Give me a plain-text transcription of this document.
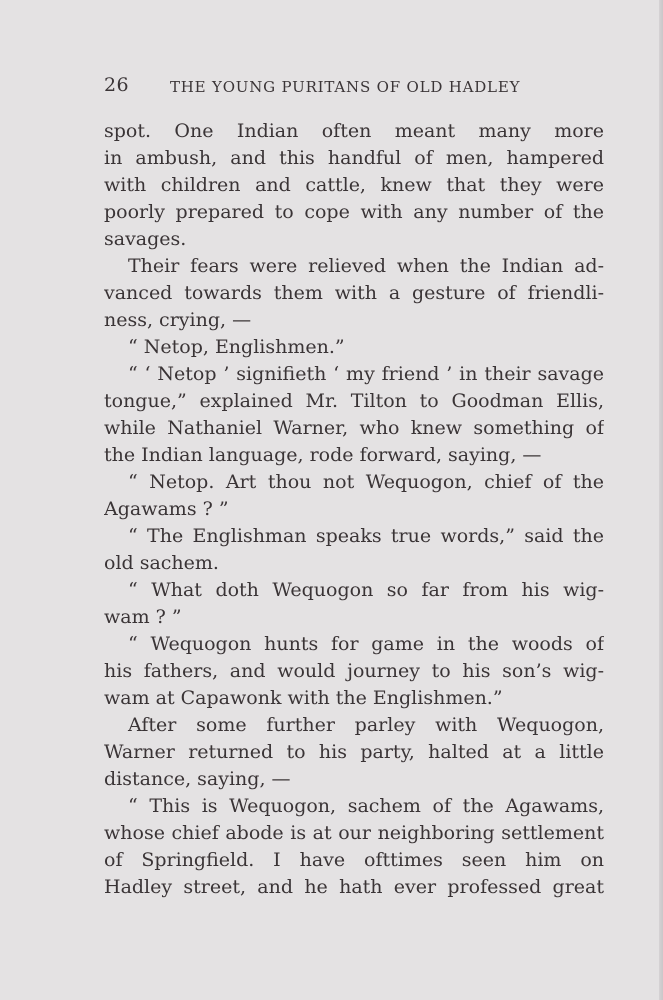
26	THE YOUNG PURITANS OF OLD HADLEY
spot. One Indian often meant many more
in ambush, and this handful of men, hampered
with children and cattle, knew that they were
poorly prepared to cope with any number of the
savages.
Their fears were relieved when the Indian ad-
vanced towards them with a gesture of friendli-
ness, crying, —
“ Netop, Englishmen.”
“ ‘ Netop ’ signifieth ‘ my friend ’ in their savage
tongue,” explained Mr. Tilton to Goodman Ellis,
while Nathaniel Warner, who knew something of
the Indian language, rode forward, saying, —
“ Netop. Art thou not Wequogon, chief of the
Agawams ? ”
“ The Englishman speaks true words,” said the
old sachem.
“ What doth Wequogon so far from his wig-
wam ? ”
“ Wequogon hunts for game in the woods of
his fathers, and would journey to his son’s wig-
wam at Capawonk with the Englishmen.”
After some further parley with Wequogon,
Warner returned to his party, halted at a little
distance, saying, —
“ This is Wequogon, sachem of the Agawams,
whose chief abode is at our neighboring settlement
of Springfield. I have ofttimes seen him on
Hadley street, and he hath ever professed great
